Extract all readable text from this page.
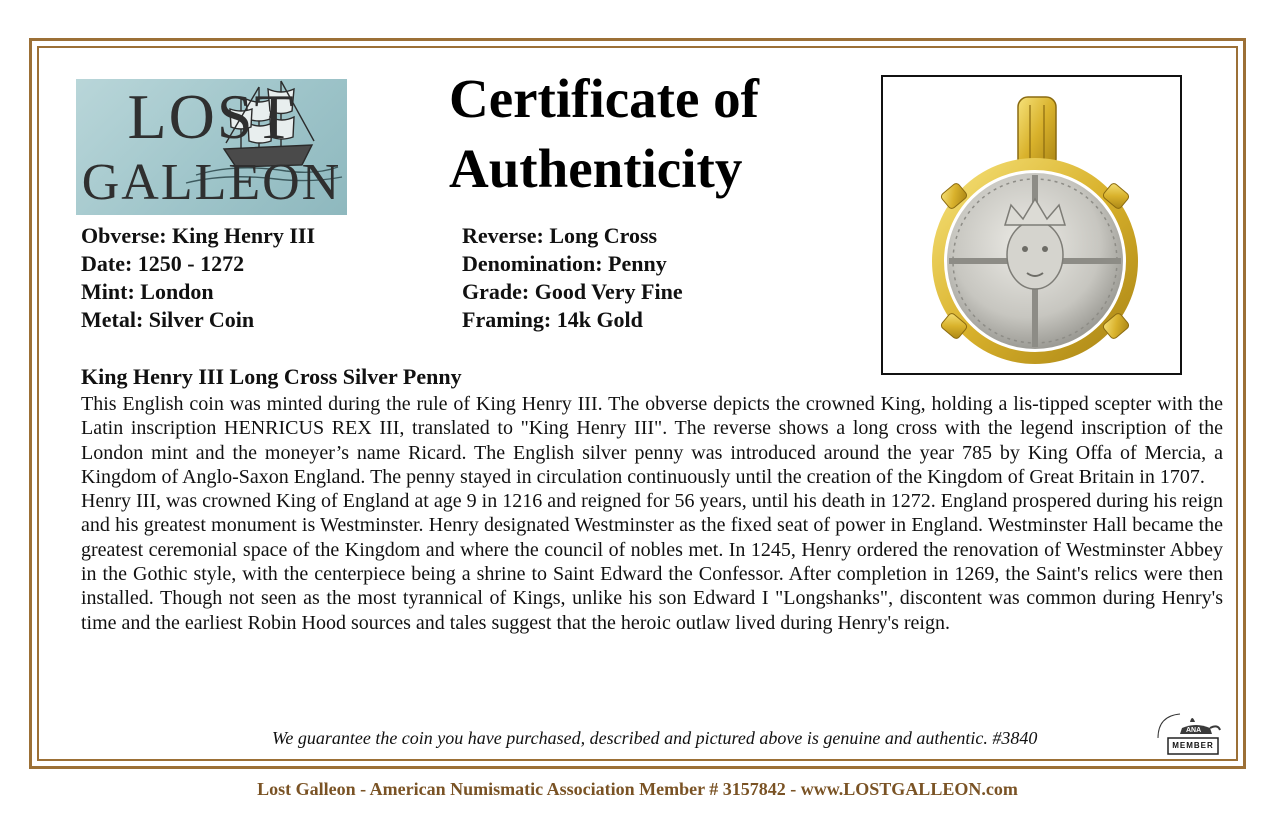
LOST
GALLEON
Certificate of
Authenticity
Obverse: King Henry III
Date: 1250 - 1272
Mint: London
Metal: Silver Coin
Reverse: Long Cross
Denomination: Penny
Grade: Good Very Fine
Framing: 14k Gold
King Henry III Long Cross Silver Penny

This English coin was minted during the rule of King Henry III. The obverse depicts the crowned King, holding a lis-tipped scepter with the Latin inscription HENRICUS REX III, translated to "King Henry III". The reverse shows a long cross with the legend inscription of the London mint and the moneyer’s name Ricard. The English silver penny was introduced around the year 785 by King Offa of Mercia, a Kingdom of Anglo-Saxon England. The penny stayed in circulation continuously until the creation of the Kingdom of Great Britain in 1707.

Henry III, was crowned King of England at age 9 in 1216 and reigned for 56 years, until his death in 1272. England prospered during his reign and his greatest monument is Westminster. Henry designated Westminster as the fixed seat of power in England. Westminster Hall became the greatest ceremonial space of the Kingdom and where the council of nobles met. In 1245, Henry ordered the renovation of Westminster Abbey in the Gothic style, with the centerpiece being a shrine to Saint Edward the Confessor. After completion in 1269, the Saint's relics were then installed. Though not seen as the most tyrannical of Kings, unlike his son Edward I "Longshanks", discontent was common during Henry's time and the earliest Robin Hood sources and tales suggest that the heroic outlaw lived during Henry's reign.

We guarantee the coin you have purchased, described and pictured above is genuine and authentic. #3840	ANA
MEMBER
Lost Galleon - American Numismatic Association Member # 3157842 - www.LOSTGALLEON.com
